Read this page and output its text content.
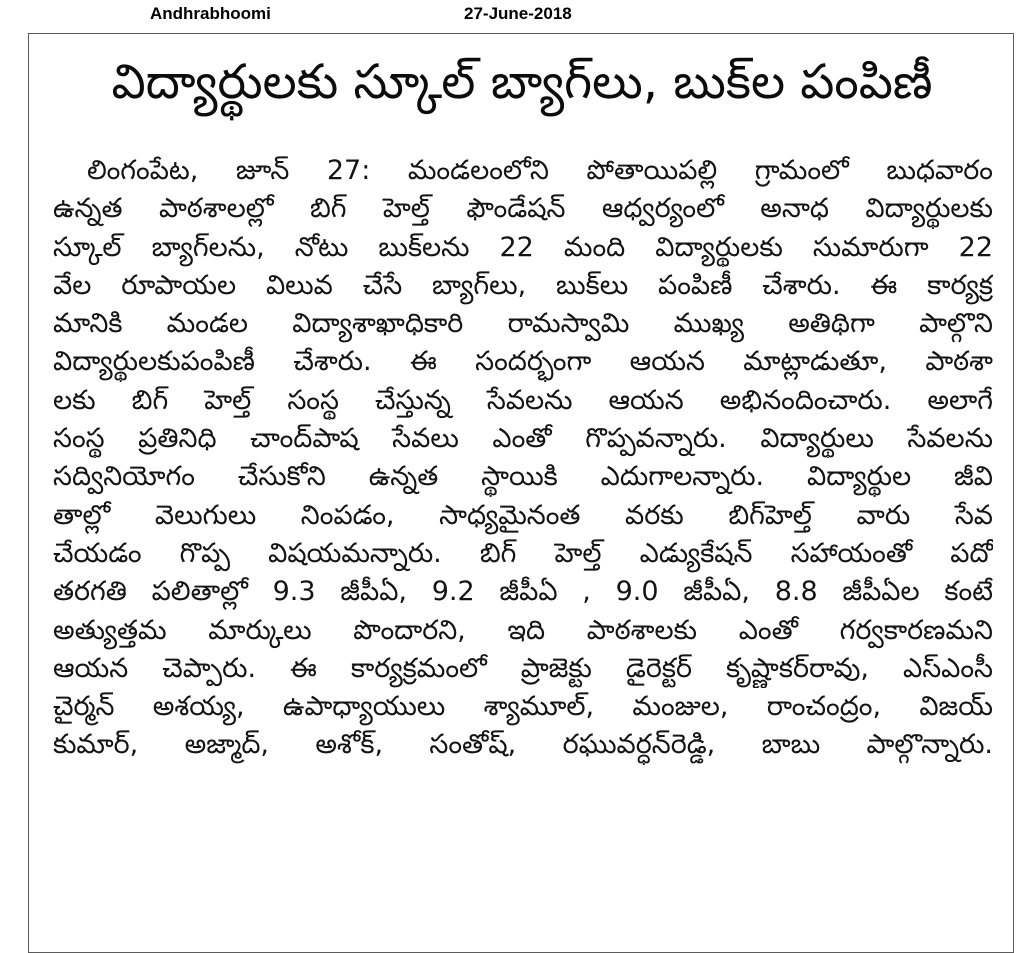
Andhrabhoomi	27-June-2018
విద్యార్థులకు స్కూల్ బ్యాగ్‌లు, బుక్‌ల పంపిణీ
లింగంపేట, జూన్ 27: మండలంలోని పోతాయిపల్లి గ్రామంలో బుధవారం
ఉన్నత పాఠశాలల్లో బిగ్ హెల్త్ ఫౌండేషన్ ఆధ్వర్యంలో అనాధ విద్యార్థులకు
స్కూల్ బ్యాగ్‌లను, నోటు బుక్‌లను 22 మంది విద్యార్థులకు సుమారుగా 22
వేల రూపాయల విలువ చేసే బ్యాగ్‌లు, బుక్‌లు పంపిణీ చేశారు. ఈ కార్యక్ర
మానికి మండల విద్యాశాఖాధికారి రామస్వామి ముఖ్య అతిథిగా పాల్గొని
విద్యార్థులకుపంపిణీ చేశారు. ఈ సందర్భంగా ఆయన మాట్లాడుతూ, పాఠశా
లకు బిగ్ హెల్త్ సంస్థ చేస్తున్న సేవలను ఆయన అభినందించారు. అలాగే
సంస్థ ప్రతినిధి చాంద్‌పాష సేవలు ఎంతో గొప్పవన్నారు. విద్యార్థులు సేవలను
సద్వినియోగం చేసుకోని ఉన్నత స్థాయికి ఎదుగాలన్నారు. విద్యార్థుల జీవి
తాల్లో వెలుగులు నింపడం, సాధ్యమైనంత వరకు బిగ్‌హెల్త్ వారు సేవ
చేయడం గొప్ప విషయమన్నారు. బిగ్ హెల్త్ ఎడ్యుకేషన్ సహాయంతో పదో
తరగతి పలితాల్లో 9.3 జీపీఏ, 9.2 జీపీఏ , 9.0 జీపీఏ, 8.8 జీపీఏల కంటే
అత్యుత్తమ మార్కులు పొందారని, ఇది పాఠశాలకు ఎంతో గర్వకారణమని
ఆయన చెప్పారు. ఈ కార్యక్రమంలో ప్రాజెక్టు డైరెక్టర్ కృష్ణాకర్‌రావు, ఎస్‌ఎంసీ
చైర్మన్ అశయ్య, ఉపాధ్యాయులు శ్యామూల్, మంజుల, రాంచంద్రం, విజయ్
కుమార్, అజ్మాద్, అశోక్, సంతోష్, రఘువర్ధన్‌రెడ్డి, బాబు పాల్గొన్నారు.
